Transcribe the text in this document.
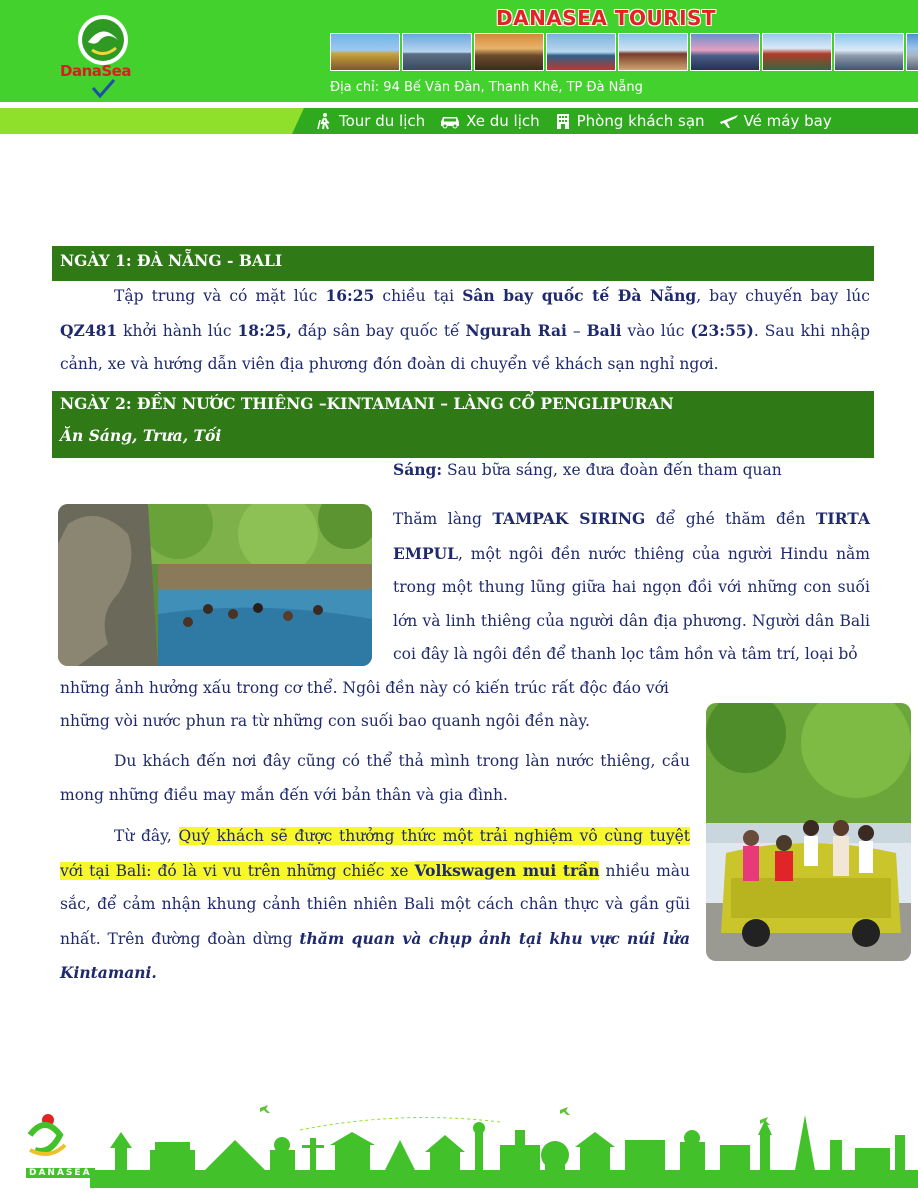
DanaSea
DANASEA TOURIST
Địa chỉ: 94 Bế Văn Đàn, Thanh Khê, TP Đà Nẵng
Tour du lịch	Xe du lịch Phòng khách sạn	Vé máy bay
NGÀY 1: ĐÀ NẴNG - BALI
Tập trung và có mặt lúc 16:25 chiều tại Sân bay quốc tế Đà Nẵng, bay chuyến bay lúc QZ481 khởi hành lúc 18:25, đáp sân bay quốc tế Ngurah Rai – Bali vào lúc (23:55). Sau khi nhập cảnh, xe và hướng dẫn viên địa phương đón đoàn di chuyển về khách sạn nghỉ ngơi.
NGÀY 2: ĐỀN NƯỚC THIÊNG –KINTAMANI – LÀNG CỔ PENGLIPURAN
Ăn Sáng, Trưa, Tối
Sáng: Sau bữa sáng, xe đưa đoàn đến tham quan
Thăm làng TAMPAK SIRING để ghé thăm đền TIRTA EMPUL, một ngôi đền nước thiêng của người Hindu nằm trong một thung lũng giữa hai ngọn đồi với những con suối lớn và linh thiêng của người dân địa phương. Người dân Bali coi đây là ngôi đền để thanh lọc tâm hồn và tâm trí, loại bỏ
những ảnh hưởng xấu trong cơ thể. Ngôi đền này có kiến trúc rất độc đáo với
những vòi nước phun ra từ những con suối bao quanh ngôi đền này.
Du khách đến nơi đây cũng có thể thả mình trong làn nước thiêng, cầu mong những điều may mắn đến với bản thân và gia đình.
Từ đây, Quý khách sẽ được thưởng thức một trải nghiệm vô cùng tuyệt với tại Bali: đó là vi vu trên những chiếc xe Volkswagen mui trần nhiều màu sắc, để cảm nhận khung cảnh thiên nhiên Bali một cách chân thực và gần gũi nhất. Trên đường đoàn dừng thăm quan và chụp ảnh tại khu vực núi lửa Kintamani.
DANASEA
